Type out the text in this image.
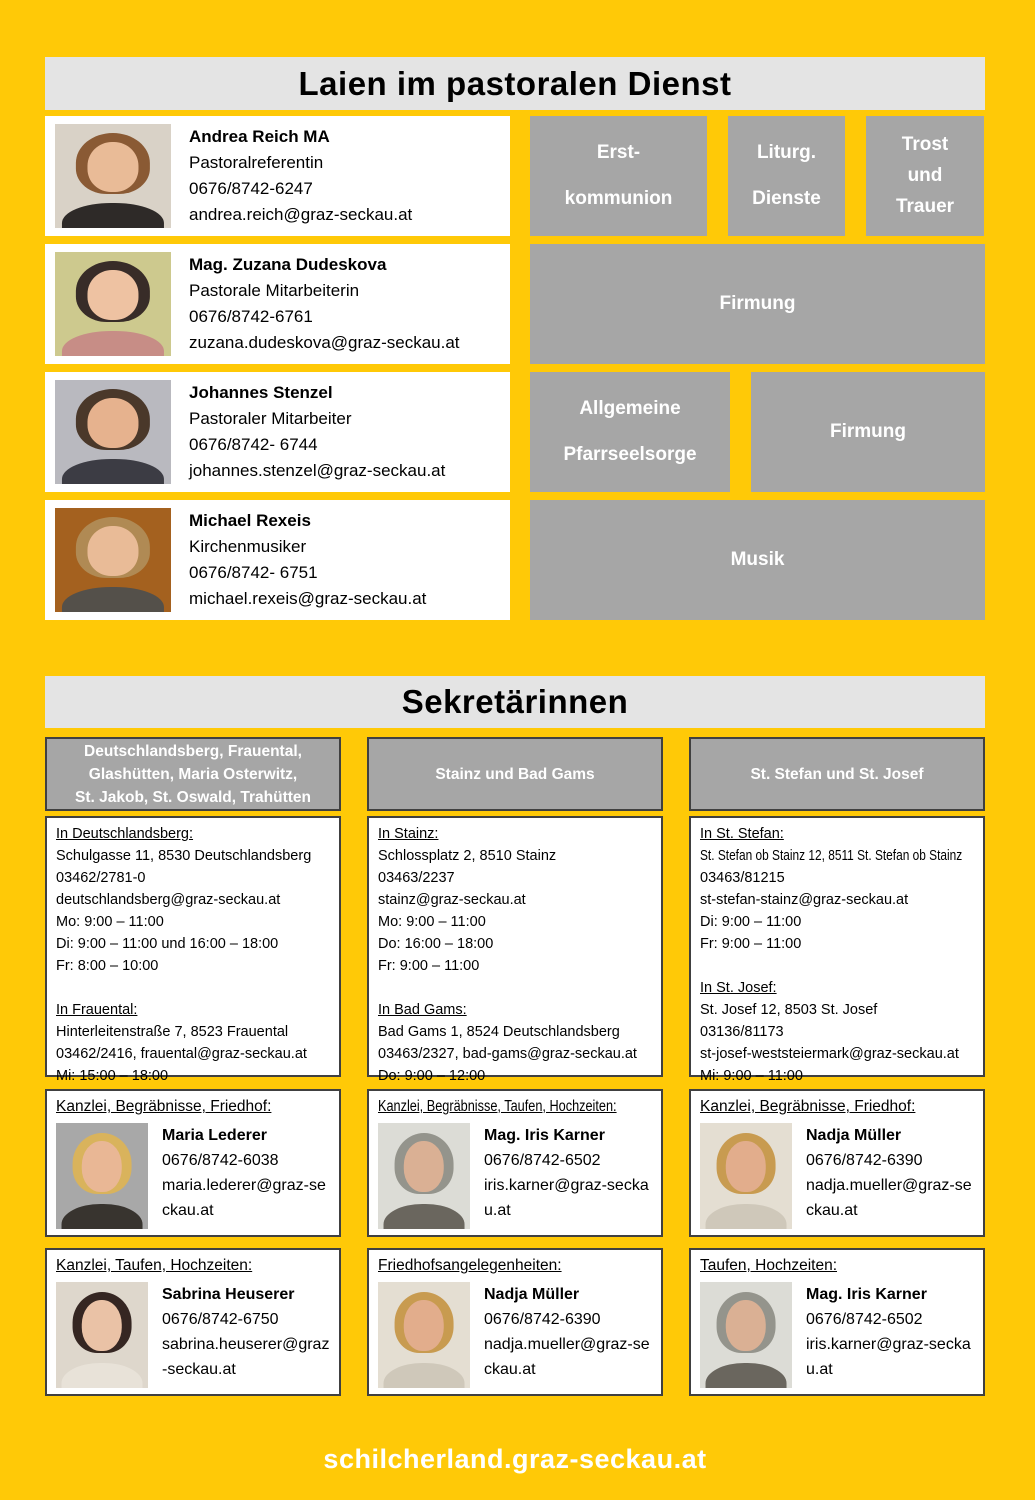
Laien im pastoralen Dienst
Andrea Reich MA
Pastoralreferentin
0676/8742-6247
andrea.reich@graz-seckau.at
Erst-
kommunion
Liturg.
Dienste
Trost
und
Trauer
Mag. Zuzana Dudeskova
Pastorale Mitarbeiterin
0676/8742-6761
zuzana.dudeskova@graz-seckau.at
Firmung
Johannes Stenzel
Pastoraler Mitarbeiter
0676/8742- 6744
johannes.stenzel@graz-seckau.at
Allgemeine
Pfarrseelsorge
Firmung
Michael Rexeis
Kirchenmusiker
0676/8742- 6751
michael.rexeis@graz-seckau.at
Musik
Sekretärinnen
Deutschlandsberg, Frauental,
Glashütten, Maria Osterwitz,
St. Jakob, St. Oswald, Trahütten
In Deutschlandsberg:
Schulgasse 11, 8530 Deutschlandsberg
03462/2781-0
deutschlandsberg@graz-seckau.at
Mo: 9:00 – 11:00
Di: 9:00 – 11:00 und 16:00 – 18:00
Fr: 8:00 – 10:00
In Frauental:
Hinterleitenstraße 7, 8523 Frauental
03462/2416, frauental@graz-seckau.at
Mi: 15:00 – 18:00
Kanzlei, Begräbnisse, Friedhof:
Maria Lederer
0676/8742-6038
maria.lederer@graz-seckau.at
Kanzlei, Taufen, Hochzeiten:
Sabrina Heuserer
0676/8742-6750
sabrina.heuserer@graz-seckau.at
Stainz und Bad Gams
In Stainz:
Schlossplatz 2, 8510 Stainz
03463/2237
stainz@graz-seckau.at
Mo: 9:00 – 11:00
Do: 16:00 – 18:00
Fr: 9:00 – 11:00
In Bad Gams:
Bad Gams 1, 8524 Deutschlandsberg
03463/2327, bad-gams@graz-seckau.at
Do: 9:00 – 12:00
Kanzlei, Begräbnisse, Taufen, Hochzeiten:
Mag. Iris Karner
0676/8742-6502
iris.karner@graz-seckau.at
Friedhofsangelegenheiten:
Nadja Müller
0676/8742-6390
nadja.mueller@graz-seckau.at
St. Stefan und St. Josef
In St. Stefan:
St. Stefan ob Stainz 12, 8511 St. Stefan ob Stainz
03463/81215
st-stefan-stainz@graz-seckau.at
Di: 9:00 – 11:00
Fr: 9:00 – 11:00
In St. Josef:
St. Josef 12, 8503 St. Josef
03136/81173
st-josef-weststeiermark@graz-seckau.at
Mi: 9:00 – 11:00
Kanzlei, Begräbnisse, Friedhof:
Nadja Müller
0676/8742-6390
nadja.mueller@graz-seckau.at
Taufen, Hochzeiten:
Mag. Iris Karner
0676/8742-6502
iris.karner@graz-seckau.at
schilcherland.graz-seckau.at
